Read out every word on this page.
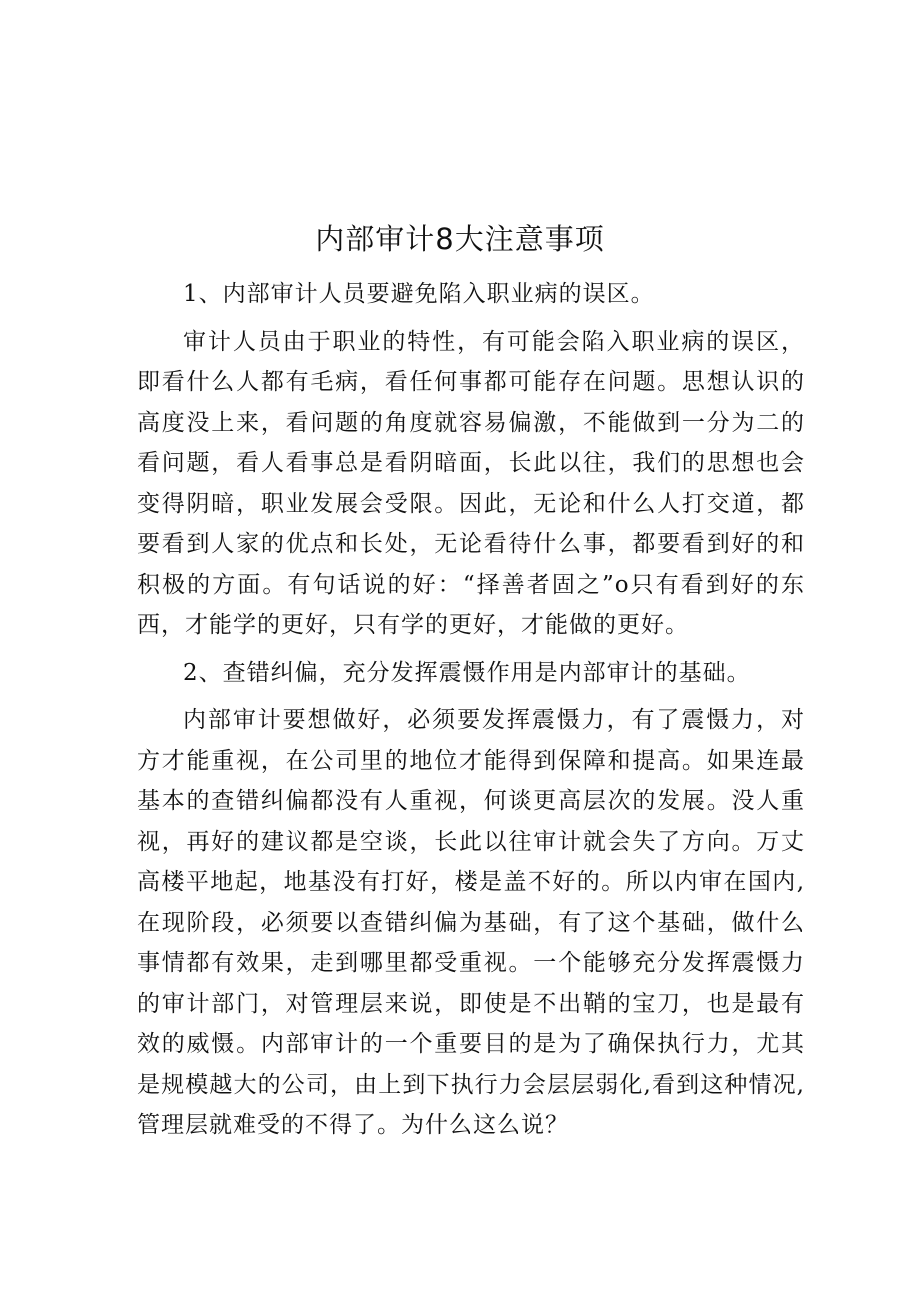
内部审计8大注意事项

1、内部审计人员要避免陷入职业病的误区。

审计人员由于职业的特性，有可能会陷入职业病的误区，即看什么人都有毛病，看任何事都可能存在问题。思想认识的高度没上来，看问题的角度就容易偏激，不能做到一分为二的看问题，看人看事总是看阴暗面，长此以往，我们的思想也会变得阴暗，职业发展会受限。因此，无论和什么人打交道，都要看到人家的优点和长处，无论看待什么事，都要看到好的和积极的方面。有句话说的好：“择善者固之”o只有看到好的东西，才能学的更好，只有学的更好，才能做的更好。

2、查错纠偏，充分发挥震慑作用是内部审计的基础。

内部审计要想做好，必须要发挥震慑力，有了震慑力，对方才能重视，在公司里的地位才能得到保障和提高。如果连最基本的查错纠偏都没有人重视，何谈更高层次的发展。没人重视，再好的建议都是空谈，长此以往审计就会失了方向。万丈高楼平地起，地基没有打好，楼是盖不好的。所以内审在国内,在现阶段，必须要以查错纠偏为基础，有了这个基础，做什么事情都有效果，走到哪里都受重视。一个能够充分发挥震慑力的审计部门，对管理层来说，即使是不出鞘的宝刀，也是最有效的威慑。内部审计的一个重要目的是为了确保执行力，尤其是规模越大的公司，由上到下执行力会层层弱化,看到这种情况,管理层就难受的不得了。为什么这么说？
